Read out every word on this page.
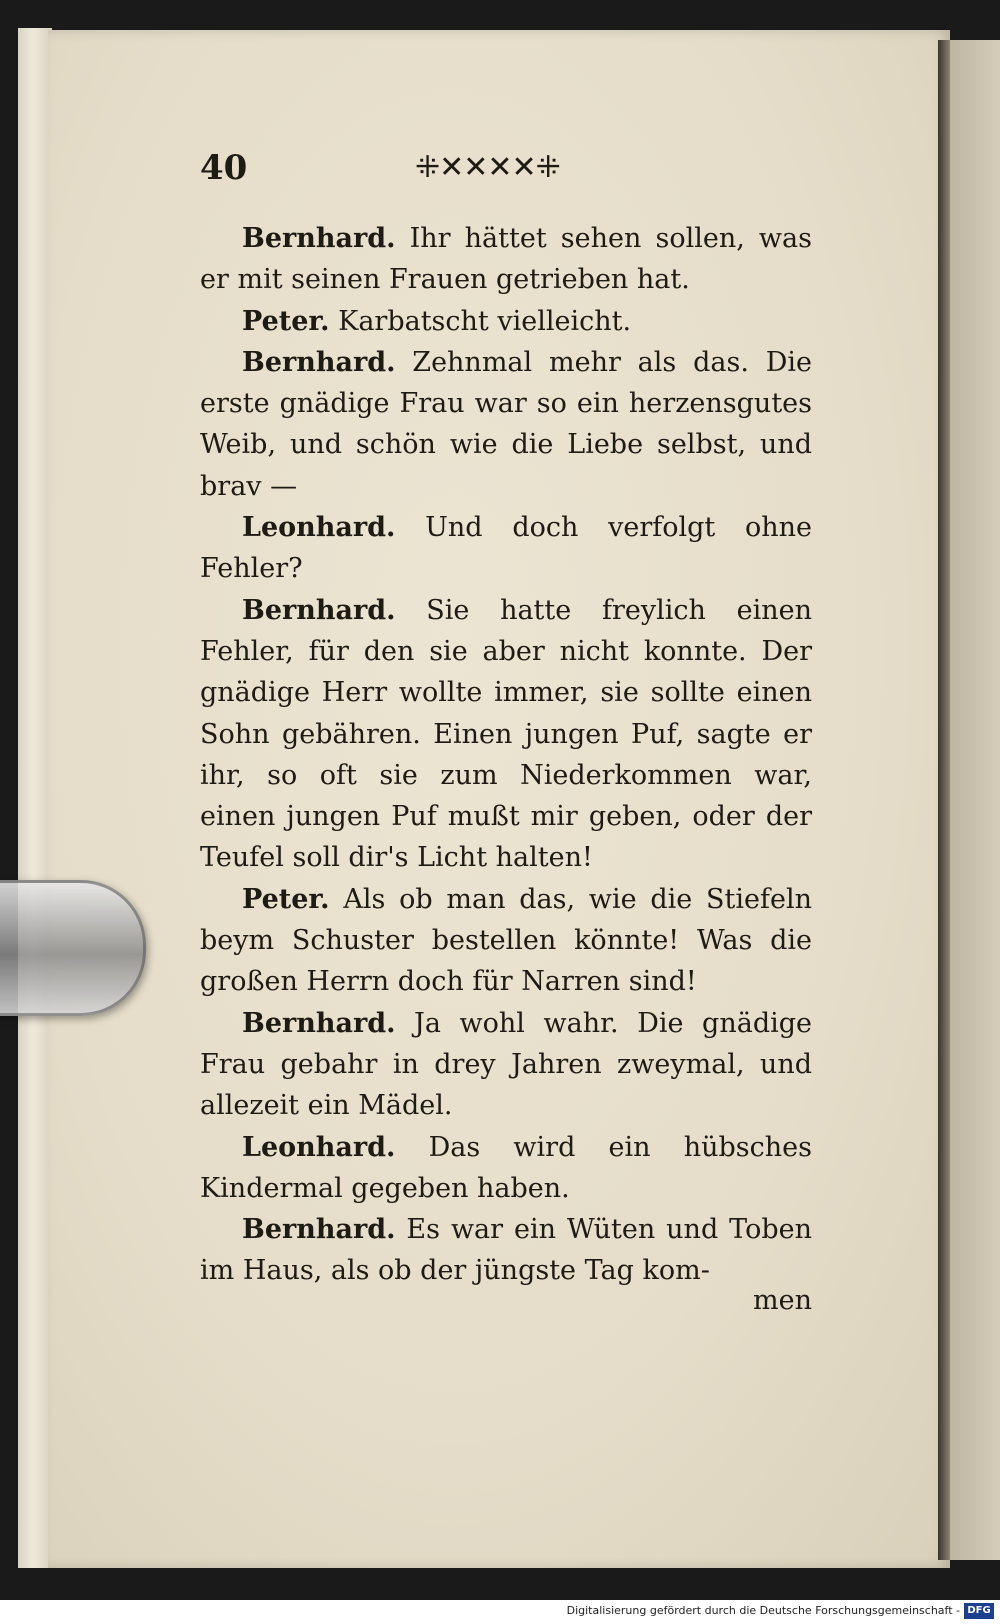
40	⁜✕✕✕✕⁜

Bernhard. Ihr hättet sehen sollen, was er mit seinen Frauen getrieben hat.

Peter. Karbatscht vielleicht.

Bernhard. Zehnmal mehr als das. Die erste gnädige Frau war so ein herzensgutes Weib, und schön wie die Liebe selbst, und brav —

Leonhard. Und doch verfolgt ohne Fehler?

Bernhard. Sie hatte freylich einen Fehler, für den sie aber nicht konnte. Der gnädige Herr wollte immer, sie sollte einen Sohn gebähren. Einen jungen Puf, sagte er ihr, so oft sie zum Niederkommen war, einen jungen Puf mußt mir geben, oder der Teufel soll dir's Licht halten!

Peter. Als ob man das, wie die Stiefeln beym Schuster bestellen könnte! Was die großen Herrn doch für Narren sind!

Bernhard. Ja wohl wahr. Die gnädige Frau gebahr in drey Jahren zweymal, und allezeit ein Mädel.

Leonhard. Das wird ein hübsches Kindermal gegeben haben.

Bernhard. Es war ein Wüten und Toben im Haus, als ob der jüngste Tag kom-

men
Digitalisierung gefördert durch die Deutsche Forschungsgemeinschaft - DFG
